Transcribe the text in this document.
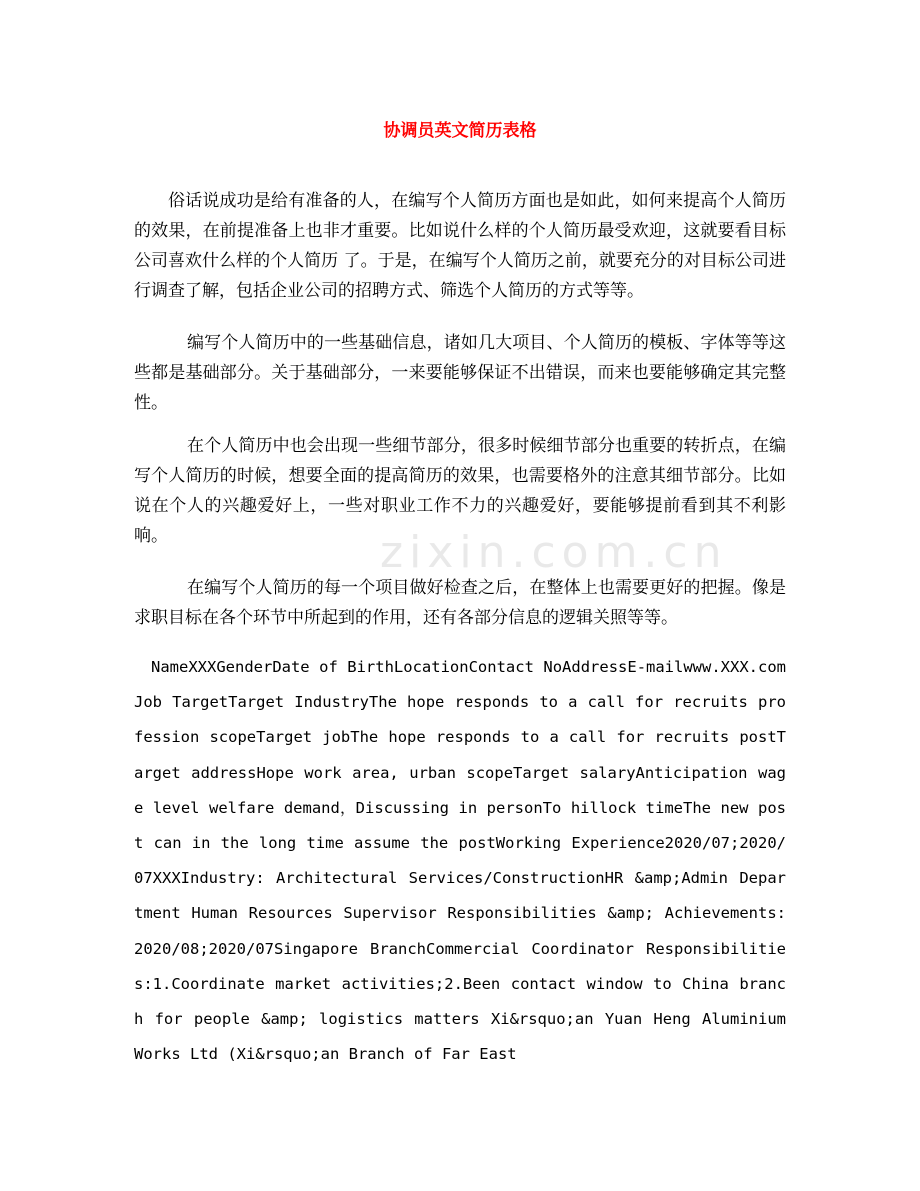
zixin.com.cn
协调员英文简历表格

俗话说成功是给有准备的人，在编写个人简历方面也是如此，如何来提高个人简历的效果，在前提准备上也非才重要。比如说什么样的个人简历最受欢迎，这就要看目标公司喜欢什么样的个人简历 了。于是，在编写个人简历之前，就要充分的对目标公司进行调查了解，包括企业公司的招聘方式、筛选个人简历的方式等等。

编写个人简历中的一些基础信息，诸如几大项目、个人简历的模板、字体等等这些都是基础部分。关于基础部分，一来要能够保证不出错误，而来也要能够确定其完整性。

在个人简历中也会出现一些细节部分，很多时候细节部分也重要的转折点，在编写个人简历的时候，想要全面的提高简历的效果，也需要格外的注意其细节部分。比如说在个人的兴趣爱好上，一些对职业工作不力的兴趣爱好，要能够提前看到其不利影响。

在编写个人简历的每一个项目做好检查之后，在整体上也需要更好的把握。像是求职目标在各个环节中所起到的作用，还有各部分信息的逻辑关照等等。

NameXXXGenderDate of BirthLocationContact NoAddressE-mailwww.XXX.comJob TargetTarget IndustryThe hope responds to a call for recruits profession scopeTarget jobThe hope responds to a call for recruits postTarget addressHope work area, urban scopeTarget salaryAnticipation wage level welfare demand，Discussing in personTo hillock timeThe new post can in the long time assume the postWorking Experience2020/07;2020/07XXXIndustry: Architectural Services/ConstructionHR &amp;Admin Department Human Resources Supervisor Responsibilities &amp; Achievements:2020/08;2020/07Singapore BranchCommercial Coordinator Responsibilities:1.Coordinate market activities;2.Been contact window to China branch for people &amp; logistics matters Xi&rsquo;an Yuan Heng Aluminium Works Ltd (Xi&rsquo;an Branch of Far East
